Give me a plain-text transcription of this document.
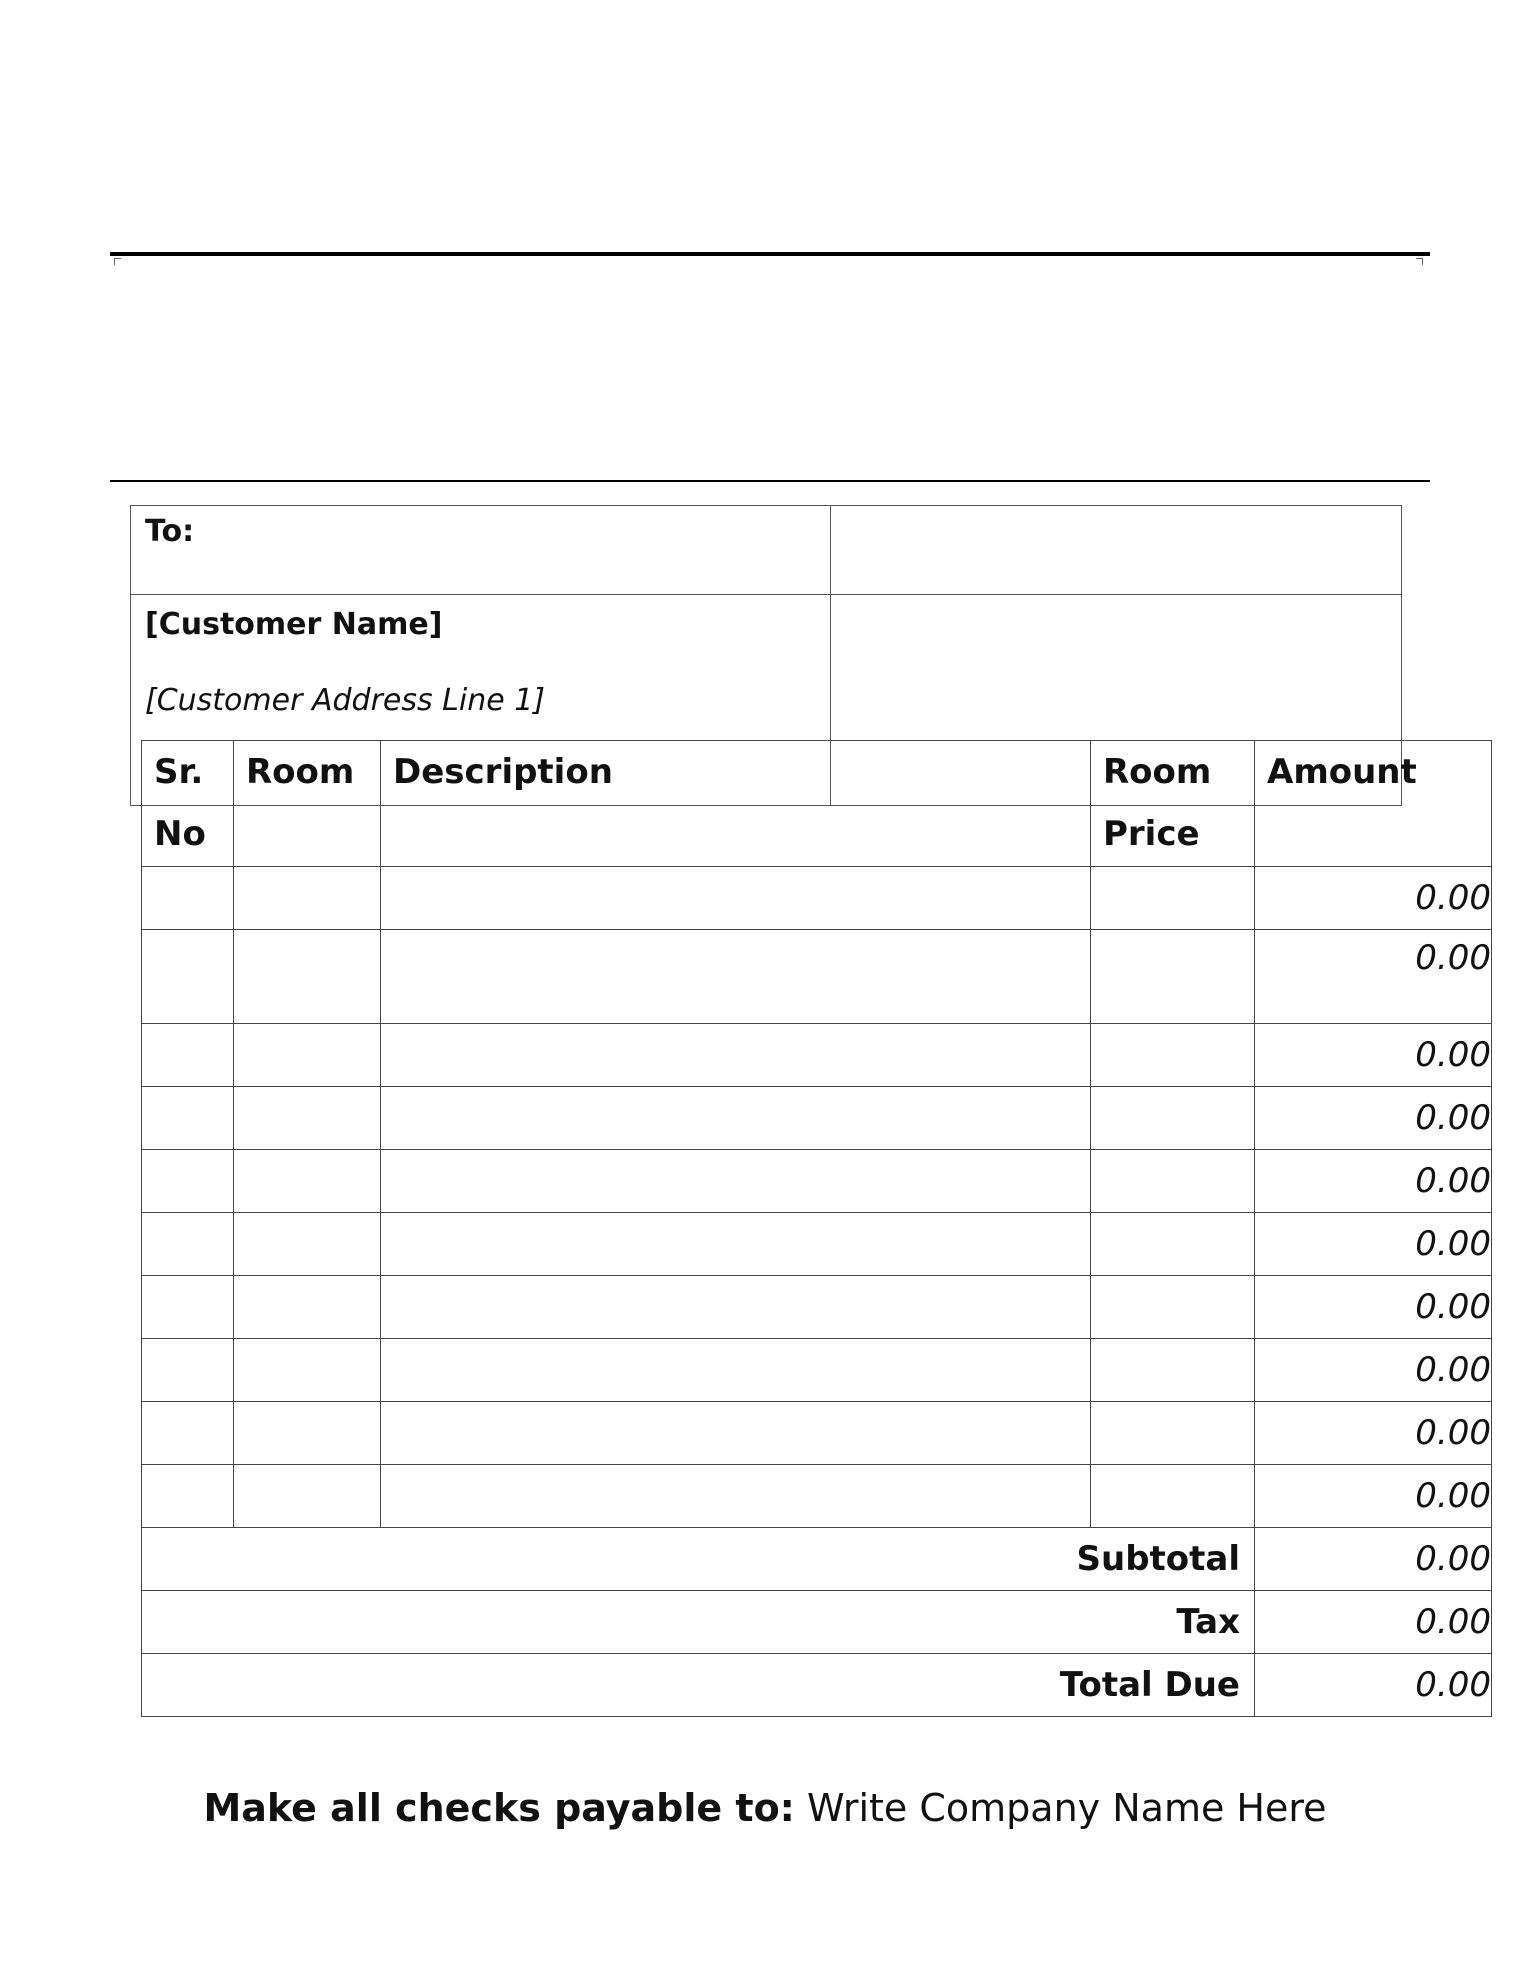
To:	

[Customer Name]
[Customer Address Line 1]	

Sr. No	Room	Description	Room Price	Amount
				0.00
				0.00
				0.00
				0.00
				0.00
				0.00
				0.00
				0.00
				0.00
				0.00
Subtotal				0.00
Tax				0.00
Total Due				0.00
Make all checks payable to: Write Company Name Here
